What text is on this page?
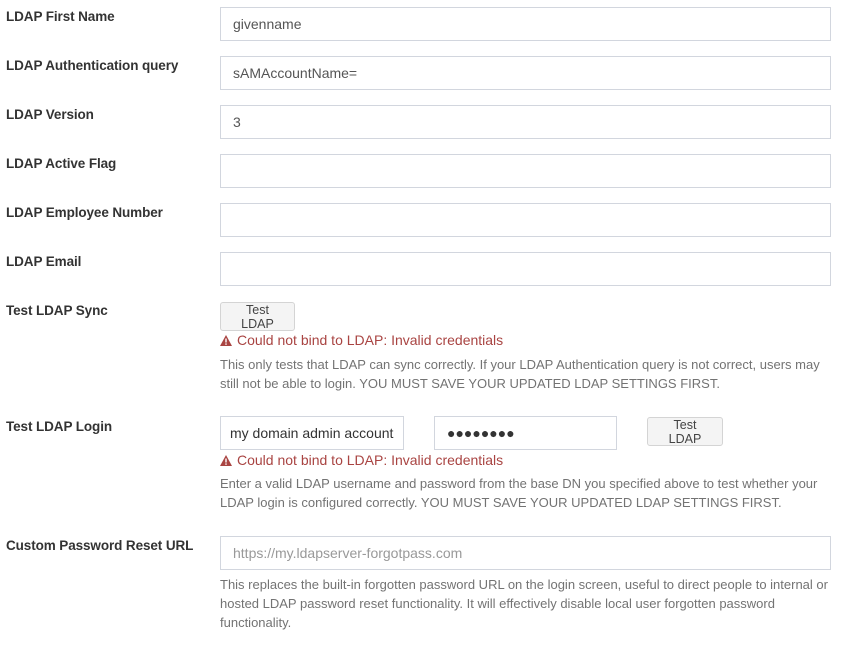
LDAP First Name
givenname
LDAP Authentication query
sAMAccountName=
LDAP Version
3
LDAP Active Flag
LDAP Employee Number
LDAP Email
Test LDAP Sync	Test LDAP
Could not bind to LDAP: Invalid credentials
This only tests that LDAP can sync correctly. If your LDAP Authentication query is not correct, users may still not be able to login. YOU MUST SAVE YOUR UPDATED LDAP SETTINGS FIRST.
Test LDAP Login
my domain admin account
●●●●●●●●	Test LDAP
Could not bind to LDAP: Invalid credentials
Enter a valid LDAP username and password from the base DN you specified above to test whether your LDAP login is configured correctly. YOU MUST SAVE YOUR UPDATED LDAP SETTINGS FIRST.
Custom Password Reset URL
https://my.ldapserver-forgotpass.com
This replaces the built-in forgotten password URL on the login screen, useful to direct people to internal or hosted LDAP password reset functionality. It will effectively disable local user forgotten password functionality.
